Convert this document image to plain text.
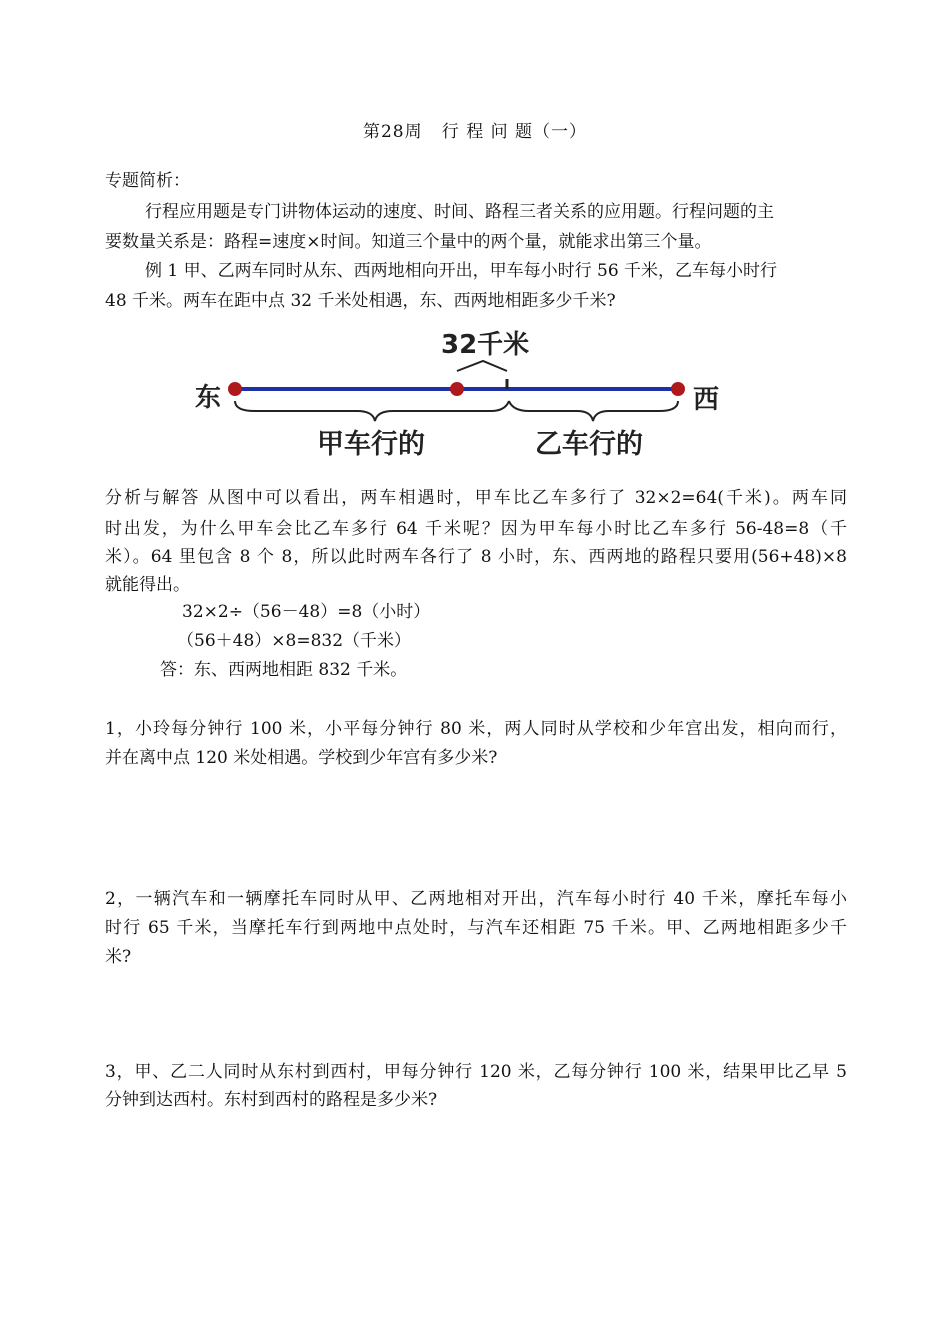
第28周   行 程 问 题（一）
专题简析：
行程应用题是专门讲物体运动的速度、时间、路程三者关系的应用题。行程问题的主
要数量关系是：路程=速度×时间。知道三个量中的两个量，就能求出第三个量。
例 1 甲、乙两车同时从东、西两地相向开出，甲车每小时行 56 千米，乙车每小时行
48 千米。两车在距中点 32 千米处相遇，东、西两地相距多少千米?
32千米
东	西
甲车行的	乙车行的
分析与解答 从图中可以看出，两车相遇时，甲车比乙车多行了 32×2=64(千米)。两车同
时出发，为什么甲车会比乙车多行 64 千米呢？因为甲车每小时比乙车多行 56-48=8（千
米）。64 里包含 8 个 8，所以此时两车各行了 8 小时，东、西两地的路程只要用(56+48)×8
就能得出。
32×2÷（56－48）=8（小时）
（56＋48）×8=832（千米）
答：东、西两地相距 832 千米。
1，小玲每分钟行 100 米，小平每分钟行 80 米，两人同时从学校和少年宫出发，相向而行，
并在离中点 120 米处相遇。学校到少年宫有多少米?
2，一辆汽车和一辆摩托车同时从甲、乙两地相对开出，汽车每小时行 40 千米，摩托车每小
时行 65 千米，当摩托车行到两地中点处时，与汽车还相距 75 千米。甲、乙两地相距多少千
米?
3，甲、乙二人同时从东村到西村，甲每分钟行 120 米，乙每分钟行 100 米，结果甲比乙早 5
分钟到达西村。东村到西村的路程是多少米?
